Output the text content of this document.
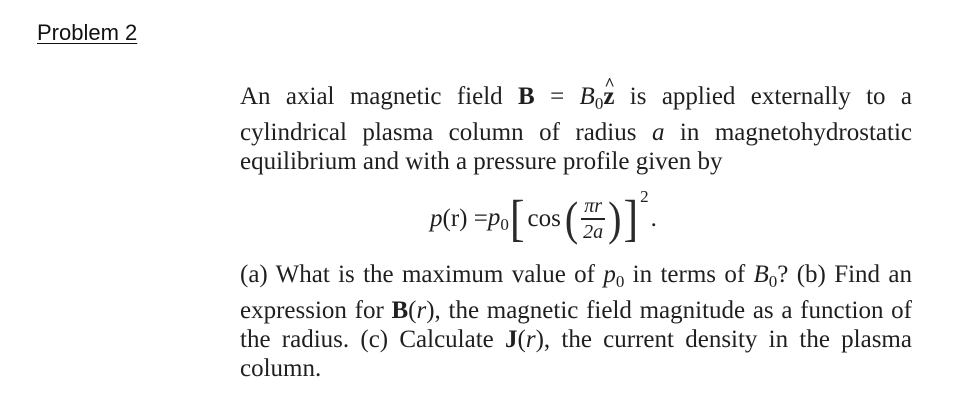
Problem 2

An axial magnetic field $B = B_0z$ ^ is applied externally to a cylindrical plasma column of radius a in magnetohydrostatic equilibrium and with a pressure profile given by

p $(r) = p_0$ [ cos ( $\frac{\pi r}{2a}$ ) ] 2
.

(a) What is the maximum value of $p_0$ in terms of $B_0$? (b) Find an expression for B(r), the magnetic field magnitude as a function of the radius. (c) Calculate J(r), the current density in the plasma column.
